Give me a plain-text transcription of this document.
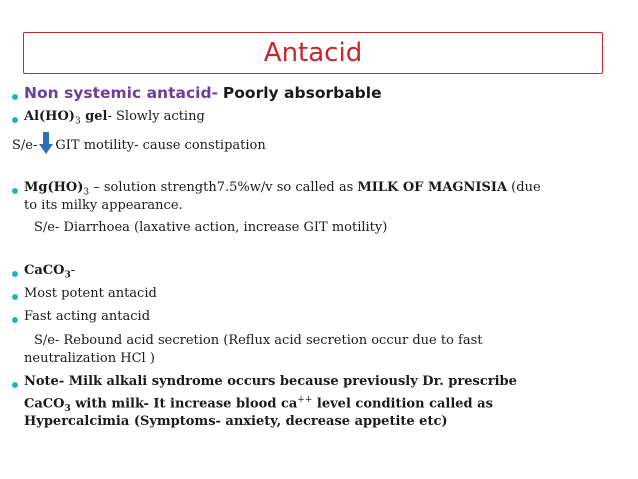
Antacid
Non systemic antacid- Poorly absorbable
$Al(HO)_3$ gel- Slowly acting
S/e- GIT motility- cause constipation
$Mg(HO)_3$ – solution strength7.5%w/v so called as MILK OF MAGNISIA (due
to its milky appearance.
S/e- Diarrhoea (laxative action, increase GIT motility)
CaCO$_3$-
Most potent antacid
Fast acting antacid
S/e- Rebound acid secretion (Reflux acid secretion occur due to fast
neutralization HCl )
Note- Milk alkali syndrome occurs because previously Dr. prescribe
CaCO$_3$ with milk- It increase blood ca++ level condition called as
Hypercalcimia (Symptoms- anxiety, decrease appetite etc)
